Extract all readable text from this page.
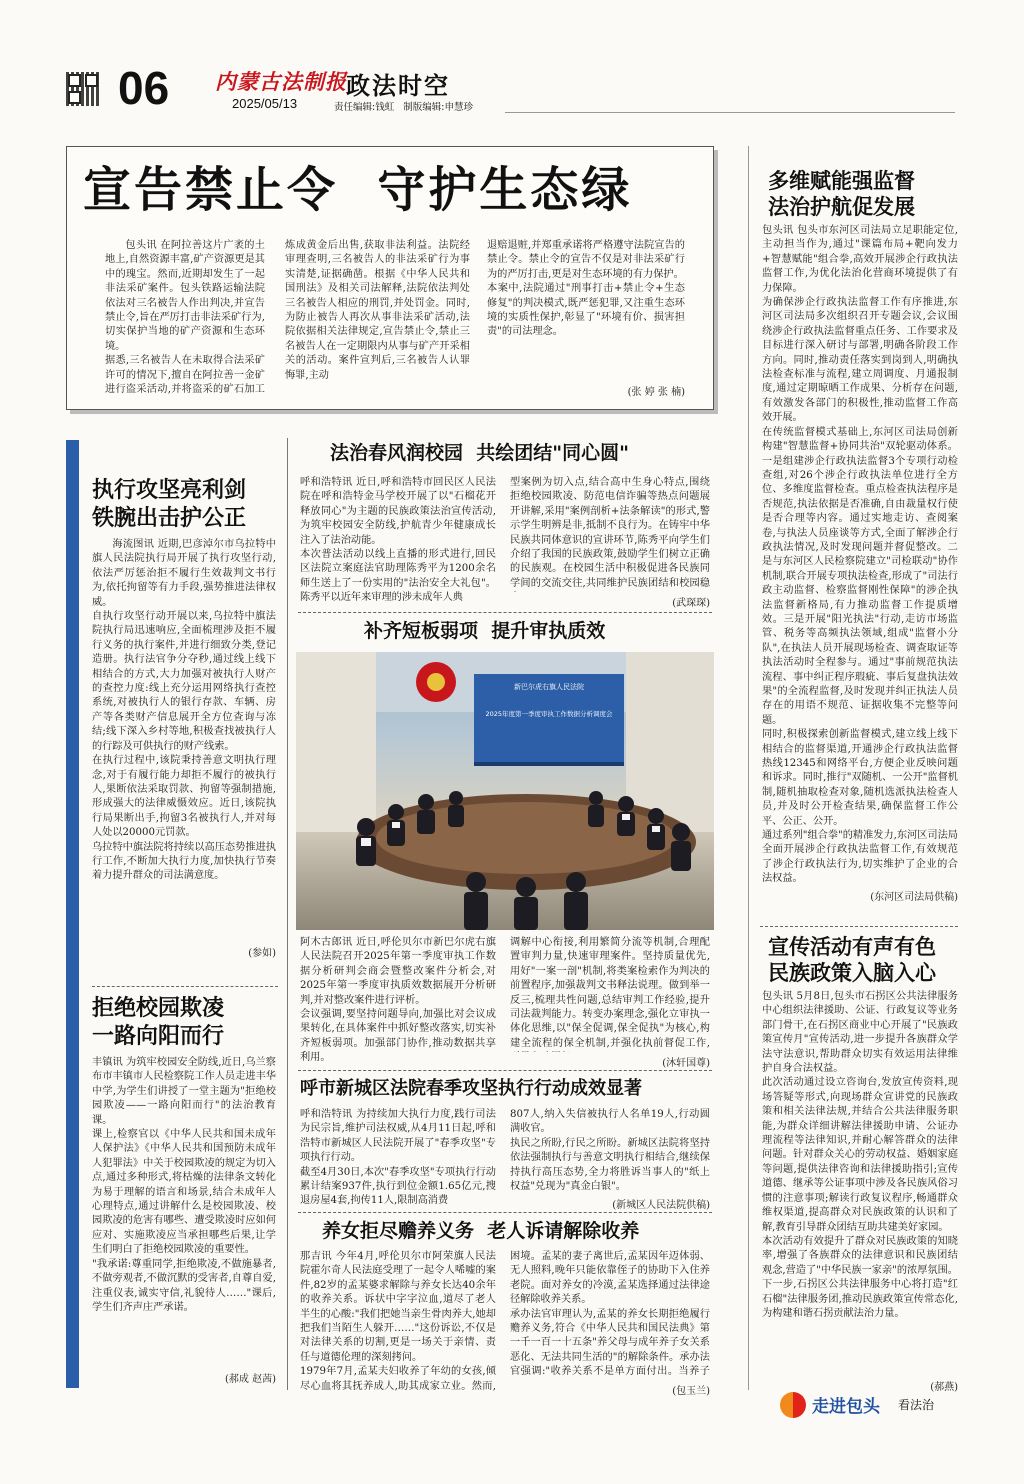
06 内蒙古法制报
2025/05/13
政法时空
责任编辑:钱虹   制版编辑:申慧珍
宣告禁止令  守护生态绿
包头讯 在阿拉善这片广袤的土地上,自然资源丰富,矿产资源更是其中的瑰宝。然而,近期却发生了一起非法采矿案件。包头铁路运输法院依法对三名被告人作出判决,并宣告禁止令,旨在严厉打击非法采矿行为,切实保护当地的矿产资源和生态环境。
据悉,三名被告人在未取得合法采矿许可的情况下,擅自在阿拉善一金矿进行盗采活动,并将盗采的矿石加工
炼成黄金后出售,获取非法利益。法院经审理查明,三名被告人的非法采矿行为事实清楚,证据确凿。根据《中华人民共和国刑法》及相关司法解释,法院依法判处三名被告人相应的刑罚,并处罚金。同时,为防止被告人再次从事非法采矿活动,法院依据相关法律规定,宣告禁止令,禁止三名被告人在一定期限内从事与矿产开采相关的活动。案件宣判后,三名被告人认罪悔罪,主动
退赔退赃,并郑重承诺将严格遵守法院宣告的禁止令。禁止令的宣告不仅是对非法采矿行为的严厉打击,更是对生态环境的有力保护。
本案中,法院通过"刑事打击+禁止令+生态修复"的判决模式,既严惩犯罪,又注重生态环境的实质性保护,彰显了"环境有价、损害担责"的司法理念。
(张 婷 张 楠)
执行攻坚亮利剑
铁腕出击护公正
海流图讯 近期,巴彦淖尔市乌拉特中旗人民法院执行局开展了执行攻坚行动,依法严厉惩治拒不履行生效裁判文书行为,依托拘留等有力手段,强势推进法律权威。
自执行攻坚行动开展以来,乌拉特中旗法院执行局迅速响应,全面梳理涉及拒不履行义务的执行案件,并进行细致分类,登记造册。执行法官争分夺秒,通过线上线下相结合的方式,大力加强对被执行人财产的查控力度:线上充分运用网络执行查控系统,对被执行人的银行存款、车辆、房产等各类财产信息展开全方位查询与冻结;线下深入乡村等地,积极查找被执行人的行踪及可供执行的财产线索。
在执行过程中,该院秉持善意文明执行理念,对于有履行能力却拒不履行的被执行人,果断依法采取罚款、拘留等强制措施,形成强大的法律威慑效应。近日,该院执行局果断出手,拘留3名被执行人,并对每人处以20000元罚款。
乌拉特中旗法院将持续以高压态势推进执行工作,不断加大执行力度,加快执行节奏着力提升群众的司法满意度。
(参如)
拒绝校园欺凌
一路向阳而行
丰镇讯 为筑牢校园安全防线,近日,乌兰察布市丰镇市人民检察院工作人员走进丰华中学,为学生们讲授了一堂主题为"拒绝校园欺凌——一路向阳而行"的法治教育课。
课上,检察官以《中华人民共和国未成年人保护法》《中华人民共和国预防未成年人犯罪法》中关于校园欺凌的规定为切入点,通过多种形式,将枯燥的法律条文转化为易于理解的语言和场景,结合未成年人心理特点,通过讲解什么是校园欺凌、校园欺凌的危害有哪些、遭受欺凌时应如何应对、实施欺凌应当承担哪些后果,让学生们明白了拒绝校园欺凌的重要性。
"我承诺:尊重同学,拒绝欺凌,不做施暴者,不做旁观者,不做沉默的受害者,自尊自爱,注重仪表,诚实守信,礼貌待人……"课后,学生们齐声庄严承诺。
(郝成 赵茜)
法治春风润校园  共绘团结"同心圆"
呼和浩特讯 近日,呼和浩特市回民区人民法院在呼和浩特金马学校开展了以"石榴花开 释放同心"为主题的民族政策法治宣传活动,为筑牢校园安全防线,护航青少年健康成长注入了法治动能。
本次普法活动以线上直播的形式进行,回民区法院立案庭法官助理陈秀平为1200余名师生送上了一份实用的"法治安全大礼包"。陈秀平以近年来审理的涉未成年人典
型案例为切入点,结合高中生身心特点,围绕拒绝校园欺凌、防范电信诈骗等热点问题展开讲解,采用"案例剖析+法条解读"的形式,警示学生明辨是非,抵制不良行为。在铸牢中华民族共同体意识的宣讲环节,陈秀平向学生们介绍了我国的民族政策,鼓励学生们树立正确的民族观。在校园生活中积极促进各民族同学间的交流交往,共同维护民族团结和校园稳
(武琛琛)
补齐短板弱项  提升审执质效
2025年度第一季度审执工作数据分析调度会
新巴尔虎右旗人民法院
阿木古郎讯 近日,呼伦贝尔市新巴尔虎右旗人民法院召开2025年第一季度审执工作数据分析研判会商会暨整改案件分析会,对2025年第一季度审执质效数据展开分析研判,并对整改案件进行评析。
会议强调,要坚持问题导向,加强比对会议成果转化,在具体案件中抓好整改落实,切实补齐短板弱项。加强部门协作,推动数据共享利用。
调解中心衔接,利用繁简分流等机制,合理配置审判力量,快速审理案件。坚持质量优先,用好"一案一剖"机制,将类案检索作为判决的前置程序,加强裁判文书释法说理。做到举一反三,梳理共性问题,总结审判工作经验,提升司法裁判能力。转变办案理念,强化立审执一体化思维,以"保全促调,保全促执"为核心,构建全流程的保全机制,并强化执前督促工作,
(沐轩国尊)
呼市新城区法院春季攻坚执行行动成效显著
呼和浩特讯 为持续加大执行力度,践行司法为民宗旨,维护司法权威,从4月11日起,呼和浩特市新城区人民法院开展了"春季攻坚"专项执行行动。
截至4月30日,本次"春季攻坚"专项执行行动累计结案937件,执行到位金额1.65亿元,搜退房屋4套,拘传11人,限制高消费
807人,纳入失信被执行人名单19人,行动圆满收官。
执民之所盼,行民之所盼。新城区法院将坚持依法强制执行与善意文明执行相结合,继续保持执行高压态势,全力将胜诉当事人的"纸上权益"兑现为"真金白银"。
(新城区人民法院供稿)
养女拒尽赡养义务  老人诉请解除收养
那吉讯 今年4月,呼伦贝尔市阿荣旗人民法院霍尔奇人民法庭受理了一起令人唏嘘的案件,82岁的孟某婆求解除与养女长达40余年的收养关系。诉状中字字泣血,道尽了老人半生的心酸:"我们把她当亲生骨肉养大,她却把我们当陌生人躲开……"这份诉讼,不仅是对法律关系的切割,更是一场关于亲情、责任与道德伦理的深刻拷问。
1979年7月,孟某夫妇收养了年幼的女孩,倾尽心血将其抚养成人,助其成家立业。然而,
困境。孟某的妻子离世后,孟某因年迈体弱、无人照料,晚年只能依靠侄子的协助下入住养老院。面对养女的冷漠,孟某选择通过法律途径解除收养关系。
承办法官审理认为,孟某的养女长期拒绝履行赡养义务,符合《中华人民共和国民法典》第一千一百一十五条"养父母与成年养子女关系恶化、无法共同生活的"的解除条件。承办法官强调:"收养关系不是单方面付出。当养子
(包玉兰)
多维赋能强监督
法治护航促发展
包头讯 包头市东河区司法局立足职能定位,主动担当作为,通过"课篇布局+靶向发力+智慧赋能"组合拳,高效开展涉企行政执法监督工作,为优化法治化营商环境提供了有力保障。
为确保涉企行政执法监督工作有序推进,东河区司法局多次组织召开专题会议,会议围绕涉企行政执法监督重点任务、工作要求及目标进行深入研讨与部署,明确各阶段工作方向。同时,推动责任落实到岗到人,明确执法检查标准与流程,建立周调度、月通报制度,通过定期晾晒工作成果、分析存在问题,有效激发各部门的积极性,推动监督工作高效开展。
在传统监督模式基础上,东河区司法局创新构建"智慧监督+协同共治"双轮驱动体系。一是组建涉企行政执法监督3个专项行动检查组,对26个涉企行政执法单位进行全方位、多维度监督检查。重点检查执法程序是否规范,执法依据是否准确,自由裁量权行使是否合理等内容。通过实地走访、查阅案卷,与执法人员座谈等方式,全面了解涉企行政执法情况,及时发现问题并督促整改。二是与东河区人民检察院建立"司检联动"协作机制,联合开展专项执法检查,形成了"司法行政主动监督、检察监督刚性保障"的涉企执法监督新格局,有力推动监督工作提质增效。三是开展"阳光执法"行动,走访市场监管、税务等高频执法领域,组成"监督小分队",在执法人员开展现场检查、调查取证等执法活动时全程参与。通过"事前规范执法流程、事中纠正程序瑕疵、事后复盘执法效果"的全流程监督,及时发现并纠正执法人员存在的用语不规范、证据收集不完整等问题。
同时,积极探索创新监督模式,建立线上线下相结合的监督渠道,开通涉企行政执法监督热线12345和网络平台,方便企业反映问题和诉求。同时,推行"双随机、一公开"监督机制,随机抽取检查对象,随机选派执法检查人员,并及时公开检查结果,确保监督工作公平、公正、公开。
通过系列"组合拳"的精准发力,东河区司法局全面开展涉企行政执法监督工作,有效规范了涉企行政执法行为,切实维护了企业的合法权益。
(东河区司法局供稿)
宣传活动有声有色
民族政策入脑入心
包头讯 5月8日,包头市石拐区公共法律服务中心组织法律援助、公证、行政复议等业务部门骨干,在石拐区商业中心开展了"民族政策宣传月"宣传活动,进一步提升各族群众学法守法意识,帮助群众切实有效运用法律维护自身合法权益。
此次活动通过设立咨询台,发放宣传资料,现场答疑等形式,向现场群众宣讲党的民族政策和相关法律法规,并结合公共法律服务职能,为群众详细讲解法律援助申请、公证办理流程等法律知识,并耐心解答群众的法律问题。针对群众关心的劳动权益、婚姻家庭等问题,提供法律咨询和法律援助指引;宣传道德、继承等公证事项中涉及各民族风俗习惯的注意事项;解读行政复议程序,畅通群众维权渠道,提高群众对民族政策的认识和了解,教育引导群众团结互助共建美好家园。
本次活动有效提升了群众对民族政策的知晓率,增强了各族群众的法律意识和民族团结观念,营造了"中华民族一家亲"的浓厚氛围。下一步,石拐区公共法律服务中心将打造"红石榴"法律服务团,推动民族政策宣传常态化,为构建和谐石拐贡献法治力量。
(郝燕)
走进包头 看法治
